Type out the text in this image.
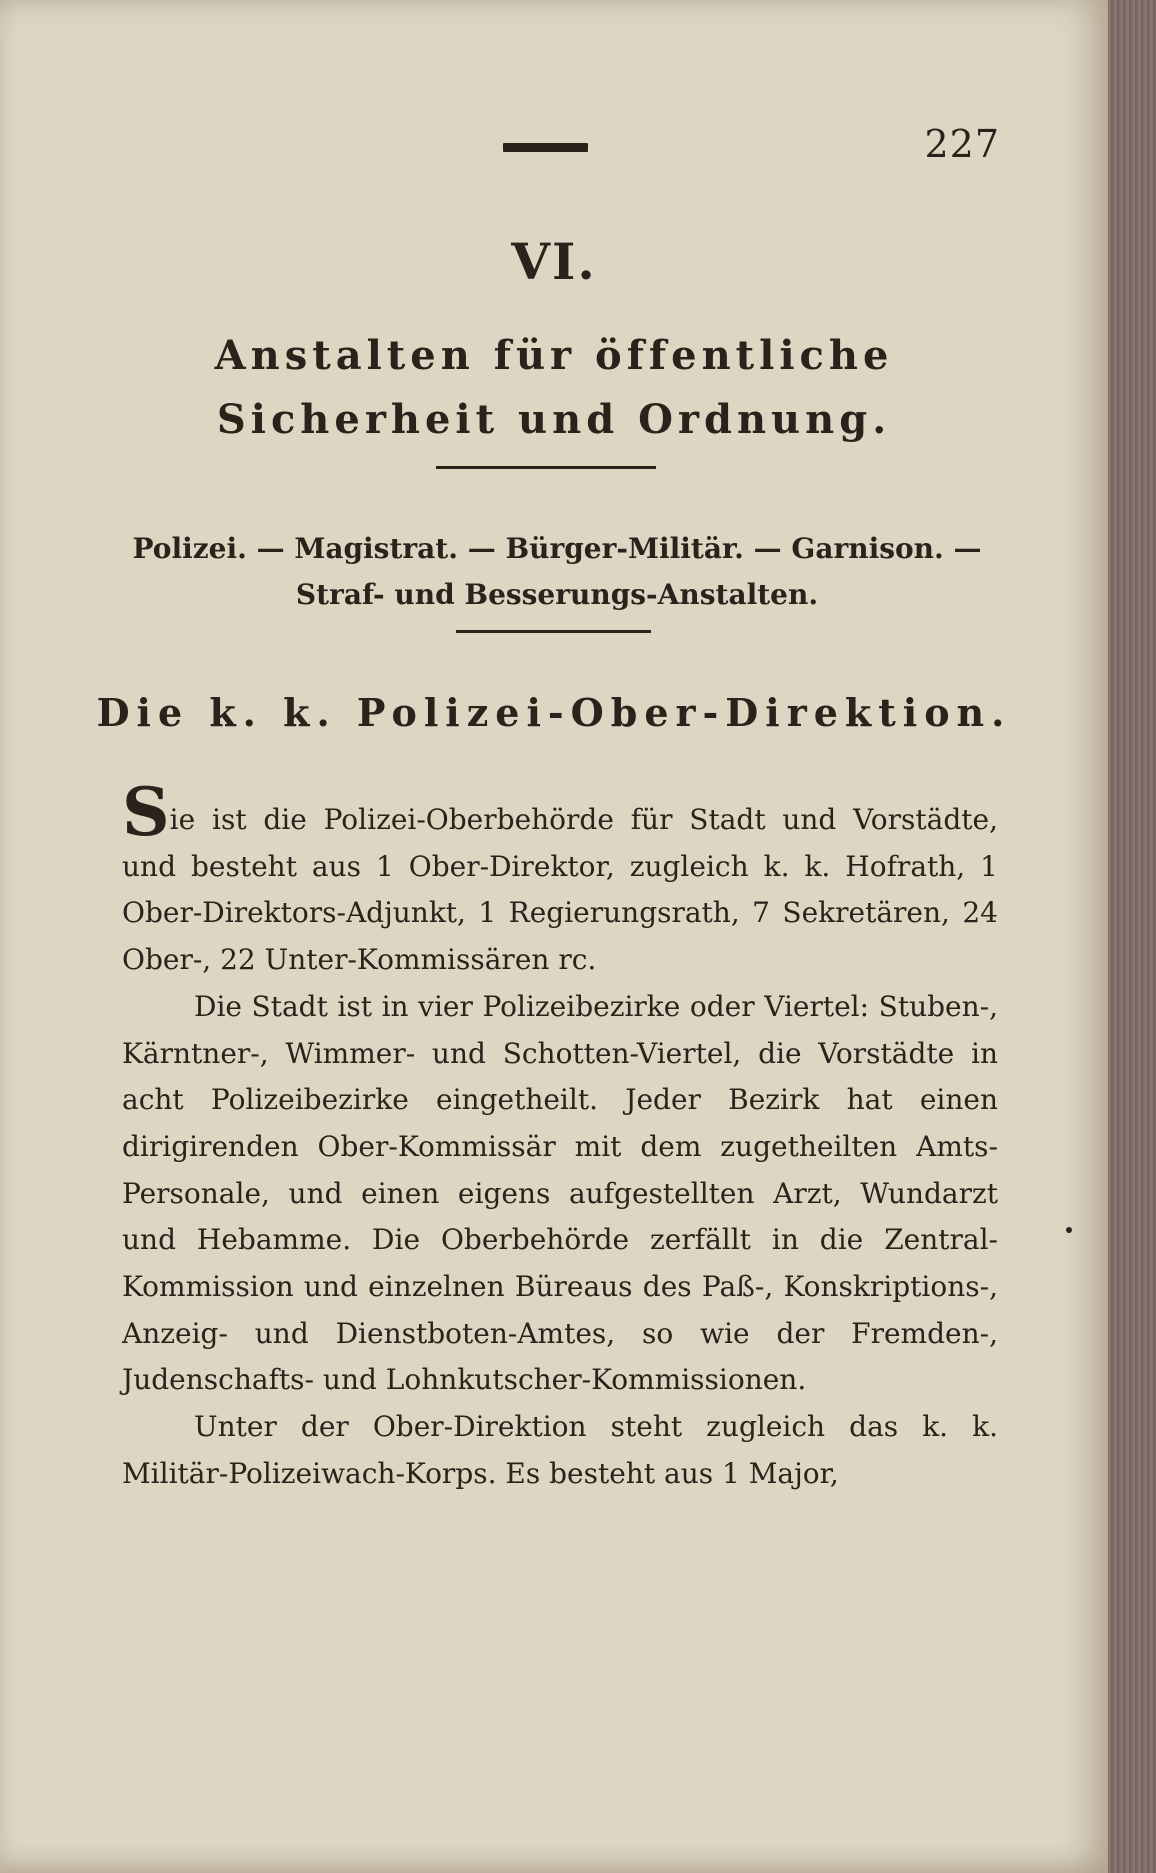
227
VI.
Anstalten für öffentliche Sicherheit und Ordnung.
Polizei. — Magistrat. — Bürger-Militär. — Garnison. — Straf- und Besserungs-Anstalten.
Die k. k. Polizei-Ober-Direktion.

Sie ist die Polizei-Oberbehörde für Stadt und Vorstädte, und besteht aus 1 Ober-Direktor, zugleich k. k. Hofrath, 1 Ober-Direktors-Adjunkt, 1 Regierungsrath, 7 Sekretären, 24 Ober-, 22 Unter-Kommissären rc.

Die Stadt ist in vier Polizeibezirke oder Viertel: Stuben-, Kärntner-, Wimmer- und Schotten-Viertel, die Vorstädte in acht Polizeibezirke eingetheilt. Jeder Bezirk hat einen dirigirenden Ober-Kommissär mit dem zugetheilten Amts-Personale, und einen eigens aufgestellten Arzt, Wundarzt und Hebamme. Die Oberbehörde zerfällt in die Zentral-Kommission und einzelnen Büreaus des Paß-, Konskriptions-, Anzeig- und Dienstboten-Amtes, so wie der Fremden-, Judenschafts- und Lohnkutscher-Kommissionen.

Unter der Ober-Direktion steht zugleich das k. k. Militär-Polizeiwach-Korps. Es besteht aus 1 Major,
